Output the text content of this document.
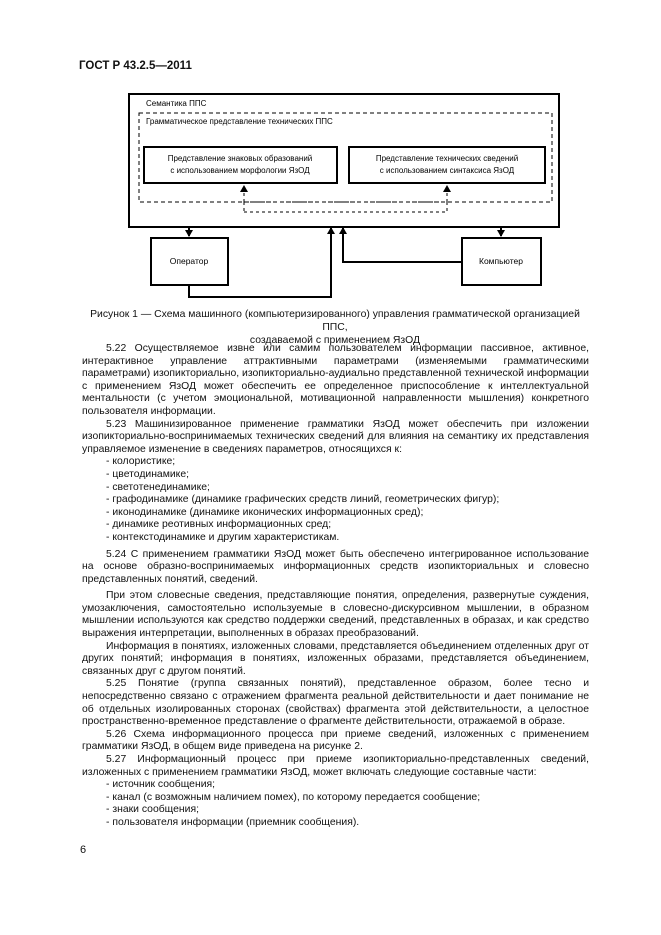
ГОСТ Р 43.2.5—2011
Семантика ППС
Грамматическое представление технических ППС
Представление знаковых образований
с использованием морфологии ЯзОД
Представление технических сведений
с использованием синтаксиса ЯзОД
Оператор	Компьютер
Рисунок 1 — Схема машинного (компьютеризированного) управления грамматической организацией ППС,
создаваемой с применением ЯзОД

5.22 Осуществляемое извне или самим пользователем информации пассивное, активное, интерактивное управление аттрактивными параметрами (изменяемыми грамматическими параметрами) изопикториально, изопикториально-аудиально представленной технической информации с применением ЯзОД может обеспечить ее определенное приспособление к интеллектуальной ментальности (с учетом эмоциональной, мотивационной направленности мышления) конкретного пользователя информации.

5.23 Машинизированное применение грамматики ЯзОД может обеспечить при изложении изопикториально-воспринимаемых технических сведений для влияния на семантику их представления управляемое изменение в сведениях параметров, относящихся к:

- колористике;
- цветодинамике;
- светотенединамике;
- графодинамике (динамике графических средств линий, геометрических фигур);
- иконодинамике (динамике иконических информационных сред);
- динамике реотивных информационных сред;
- контекстодинамике и другим характеристикам.

5.24 С применением грамматики ЯзОД может быть обеспечено интегрированное использование на основе образно-воспринимаемых информационных средств изопикториальных и словесно представленных понятий, сведений.

При этом словесные сведения, представляющие понятия, определения, развернутые суждения, умозаключения, самостоятельно используемые в словесно-дискурсивном мышлении, в образном мышлении используются как средство поддержки сведений, представленных в образах, и как средство выражения интерпретации, выполненных в образах преобразований.

Информация в понятиях, изложенных словами, представляется объединением отделенных друг от других понятий; информация в понятиях, изложенных образами, представляется объединением, связанных друг с другом понятий.

5.25 Понятие (группа связанных понятий), представленное образом, более тесно и непосредственно связано с отражением фрагмента реальной действительности и дает понимание не об отдельных изолированных сторонах (свойствах) фрагмента этой действительности, а целостное пространственно-временное представление о фрагменте действительности, отражаемой в образе.

5.26 Схема информационного процесса при приеме сведений, изложенных с применением грамматики ЯзОД, в общем виде приведена на рисунке 2.

5.27 Информационный процесс при приеме изопикториально-представленных сведений, изложенных с применением грамматики ЯзОД, может включать следующие составные части:

- источник сообщения;
- канал (с возможным наличием помех), по которому передается сообщение;
- знаки сообщения;
- пользователя информации (приемник сообщения).
6
